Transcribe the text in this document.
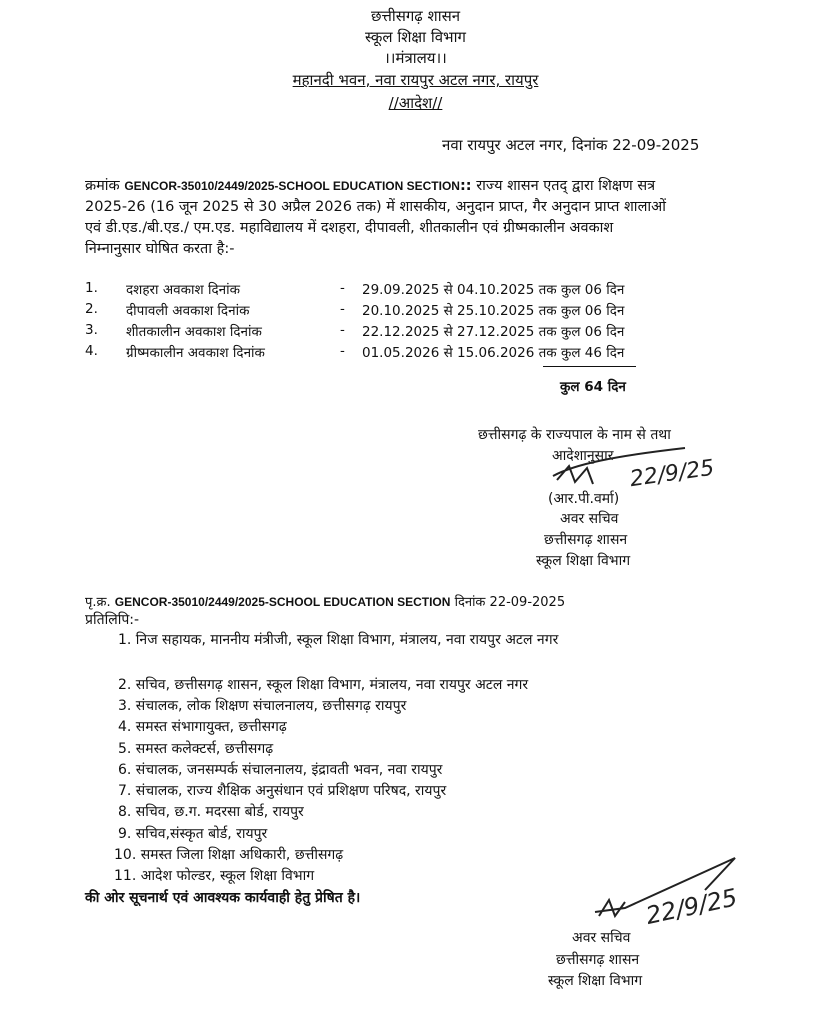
छत्तीसगढ़ शासन
स्कूल शिक्षा विभाग
।।मंत्रालय।।
महानदी भवन, नवा रायपुर अटल नगर, रायपुर
//आदेश//
नवा रायपुर अटल नगर, दिनांक 22-09-2025
क्रमांक GENCOR-35010/2449/2025-SCHOOL EDUCATION SECTION:: राज्य शासन एतद् द्वारा शिक्षण सत्र
2025-26 (16 जून 2025 से 30 अप्रैल 2026 तक) में शासकीय, अनुदान प्राप्त, गैर अनुदान प्राप्त शालाओं
एवं डी.एड./बी.एड./ एम.एड. महाविद्यालय में दशहरा, दीपावली, शीतकालीन एवं ग्रीष्मकालीन अवकाश
निम्नानुसार घोषित करता है:-
1. दशहरा अवकाश दिनांक	- 29.09.2025 से 04.10.2025 तक कुल 06 दिन
2. दीपावली अवकाश दिनांक	- 20.10.2025 से 25.10.2025 तक कुल 06 दिन
3. शीतकालीन अवकाश दिनांक	- 22.12.2025 से 27.12.2025 तक कुल 06 दिन
4. ग्रीष्मकालीन अवकाश दिनांक	- 01.05.2026 से 15.06.2026 तक कुल 46 दिन
कुल 64 दिन
छत्तीसगढ़ के राज्यपाल के नाम से तथा
आदेशानुसार 22/9/25
(आर.पी.वर्मा)
अवर सचिव
छत्तीसगढ़ शासन
स्कूल शिक्षा विभाग
पृ.क्र. GENCOR-35010/2449/2025-SCHOOL EDUCATION SECTION दिनांक 22-09-2025
प्रतिलिपि:-
1. निज सहायक, माननीय मंत्रीजी, स्कूल शिक्षा विभाग, मंत्रालय, नवा रायपुर अटल नगर
2. सचिव, छत्तीसगढ़ शासन, स्कूल शिक्षा विभाग, मंत्रालय, नवा रायपुर अटल नगर
3. संचालक, लोक शिक्षण संचालनालय, छत्तीसगढ़ रायपुर
4. समस्त संभागायुक्त, छत्तीसगढ़
5. समस्त कलेक्टर्स, छत्तीसगढ़
6. संचालक, जनसम्पर्क संचालनालय, इंद्रावती भवन, नवा रायपुर
7. संचालक, राज्य शैक्षिक अनुसंधान एवं प्रशिक्षण परिषद, रायपुर
8. सचिव, छ.ग. मदरसा बोर्ड, रायपुर
9. सचिव,संस्कृत बोर्ड, रायपुर
10. समस्त जिला शिक्षा अधिकारी, छत्तीसगढ़
11. आदेश फोल्डर, स्कूल शिक्षा विभाग
की ओर सूचनार्थ एवं आवश्यक कार्यवाही हेतु प्रेषित है।	22/9/25
अवर सचिव
छत्तीसगढ़ शासन
स्कूल शिक्षा विभाग
